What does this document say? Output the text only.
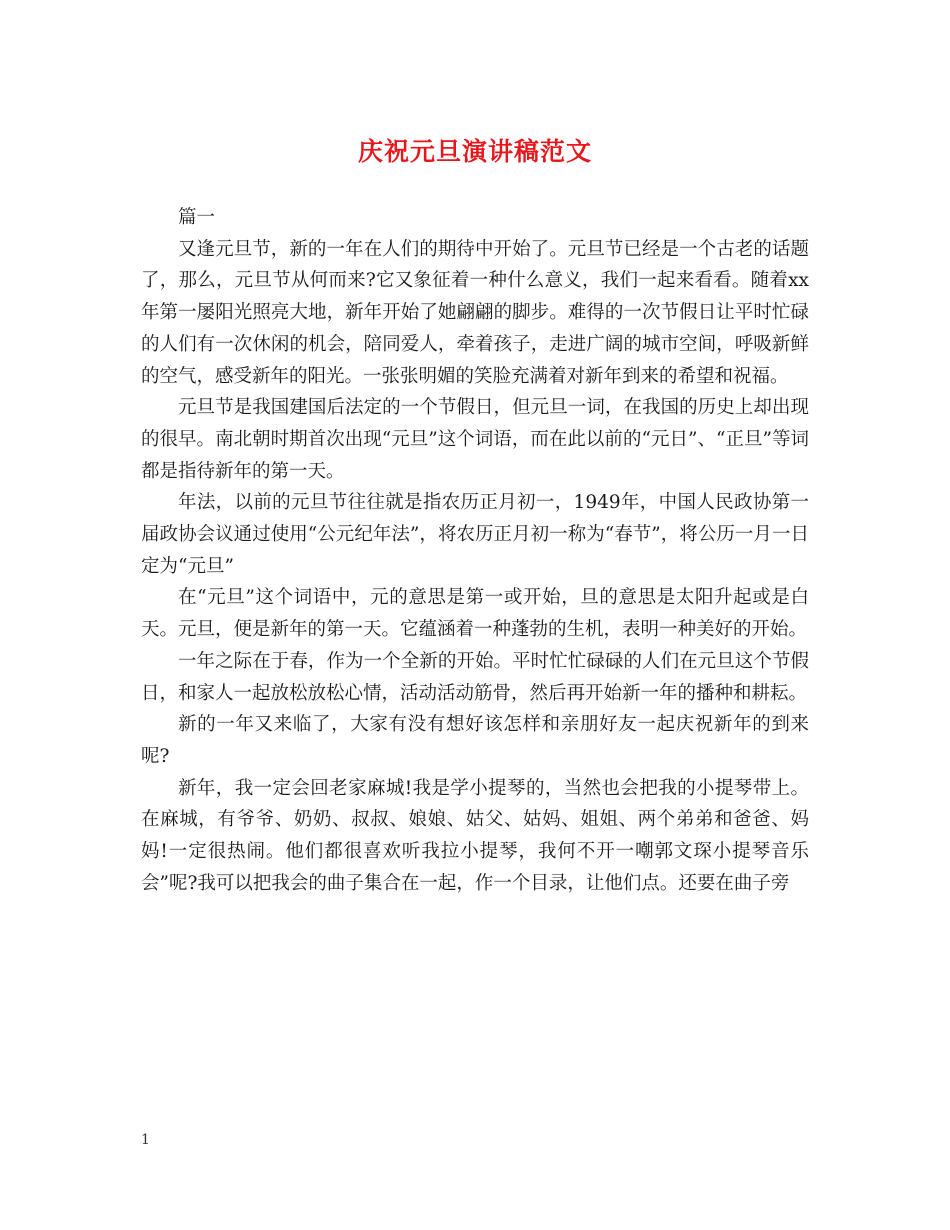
庆祝元旦演讲稿范文

篇一

又逢元旦节，新的一年在人们的期待中开始了。元旦节已经是一个古老的话题了，那么，元旦节从何而来?它又象征着一种什么意义，我们一起来看看。随着xx年第一屡阳光照亮大地，新年开始了她翩翩的脚步。难得的一次节假日让平时忙碌的人们有一次休闲的机会，陪同爱人，牵着孩子，走进广阔的城市空间，呼吸新鲜的空气，感受新年的阳光。一张张明媚的笑脸充满着对新年到来的希望和祝福。

元旦节是我国建国后法定的一个节假日，但元旦一词，在我国的历史上却出现的很早。南北朝时期首次出现“元旦”这个词语，而在此以前的“元日”、“正旦”等词都是指待新年的第一天。

年法，以前的元旦节往往就是指农历正月初一，1949年，中国人民政协第一届政协会议通过使用“公元纪年法”，将农历正月初一称为“春节”，将公历一月一日定为“元旦”

在“元旦”这个词语中，元的意思是第一或开始，旦的意思是太阳升起或是白天。元旦，便是新年的第一天。它蕴涵着一种蓬勃的生机，表明一种美好的开始。

一年之际在于春，作为一个全新的开始。平时忙忙碌碌的人们在元旦这个节假日，和家人一起放松放松心情，活动活动筋骨，然后再开始新一年的播种和耕耘。

新的一年又来临了，大家有没有想好该怎样和亲朋好友一起庆祝新年的到来呢?

新年，我一定会回老家麻城!我是学小提琴的，当然也会把我的小提琴带上。在麻城，有爷爷、奶奶、叔叔、娘娘、姑父、姑妈、姐姐、两个弟弟和爸爸、妈妈!一定很热闹。他们都很喜欢听我拉小提琴，我何不开一嘲郭文琛小提琴音乐会”呢?我可以把我会的曲子集合在一起，作一个目录，让他们点。还要在曲子旁

1
